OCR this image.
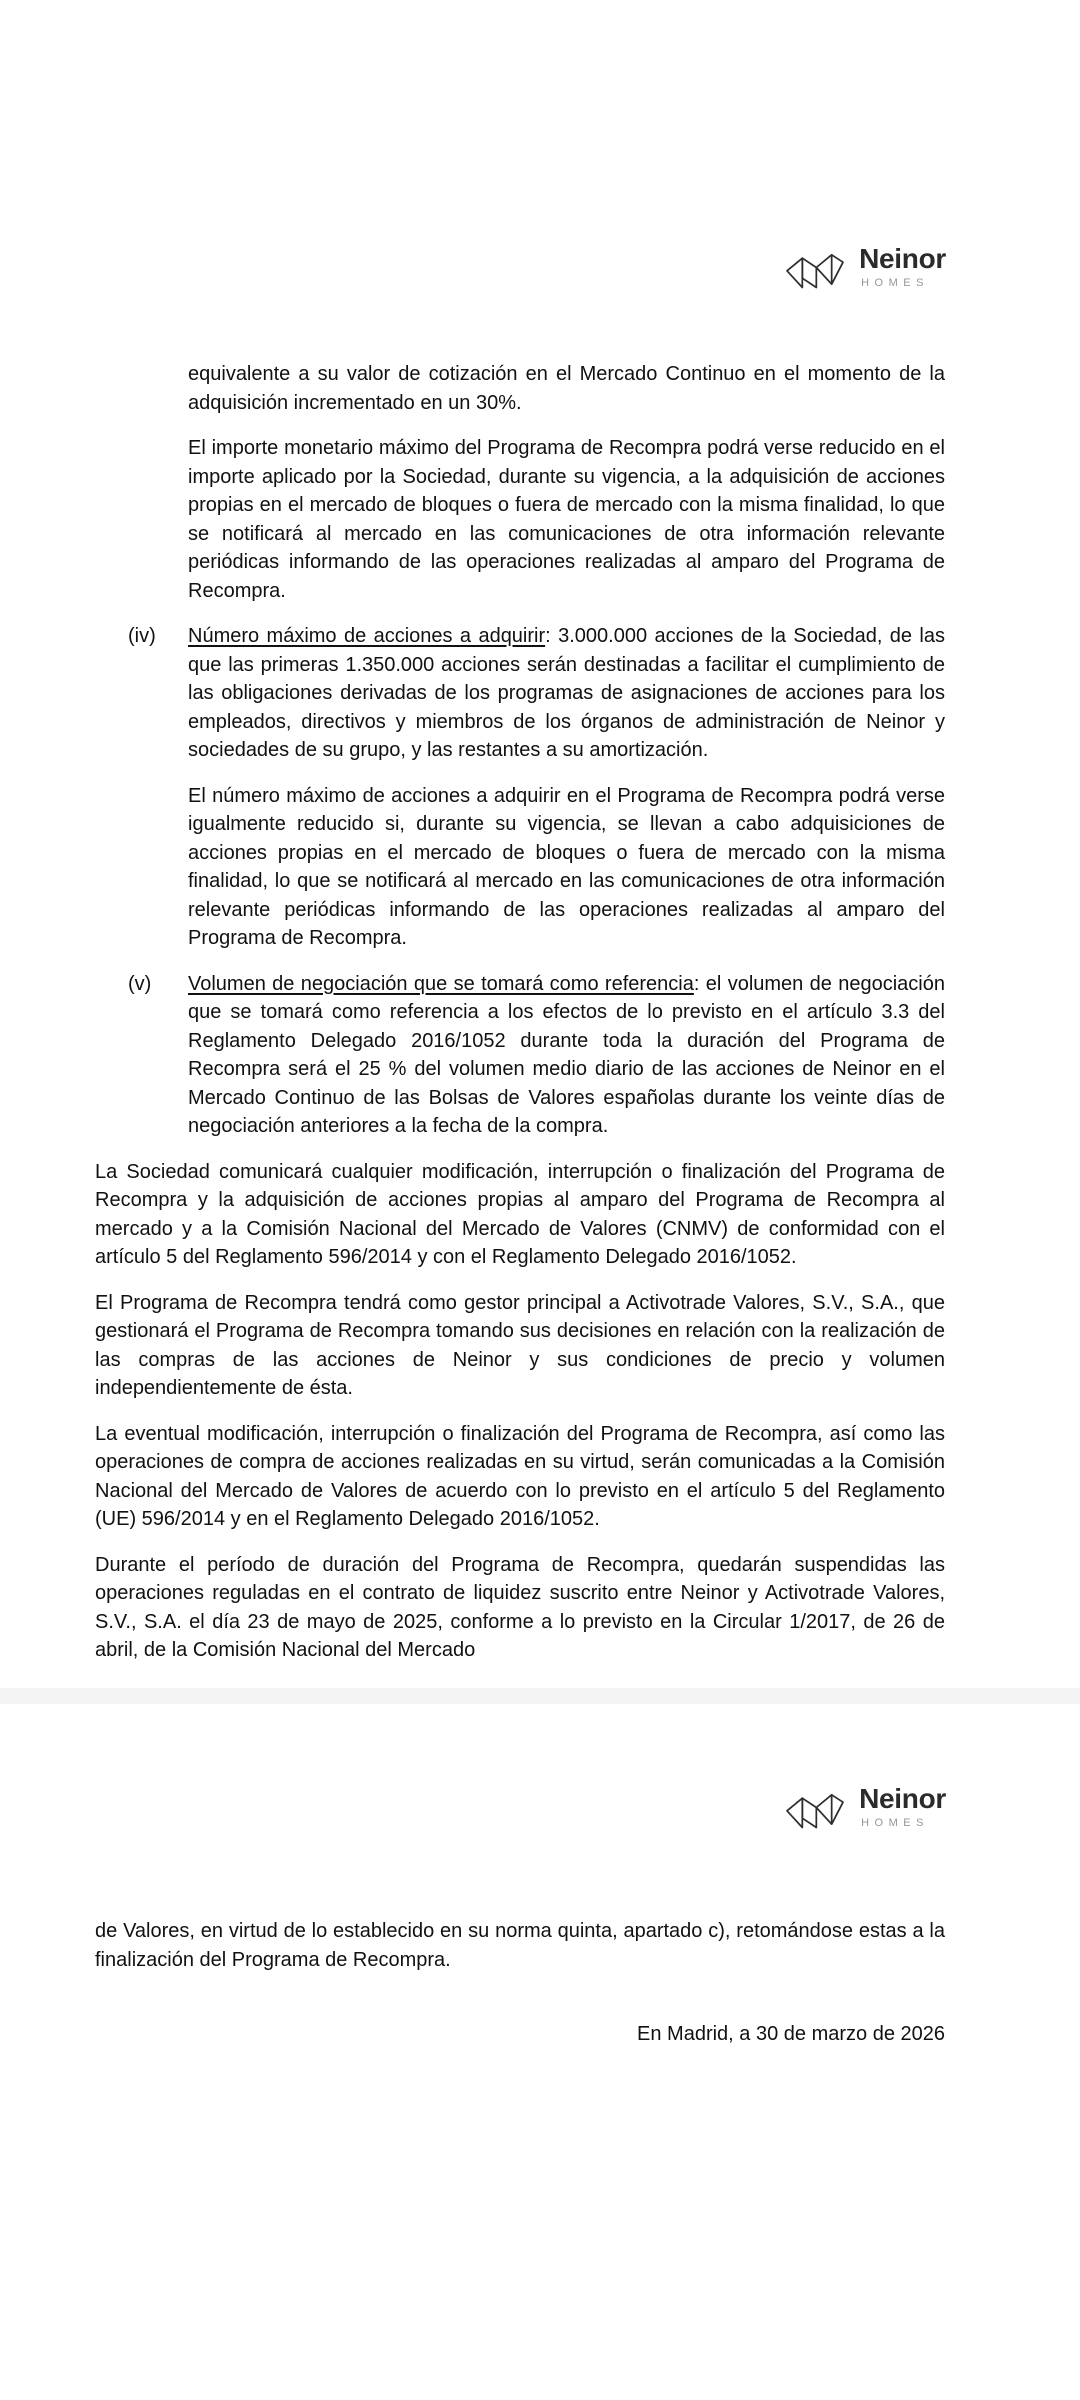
Neinor
HOMES

equivalente a su valor de cotización en el Mercado Continuo en el momento de la adquisición incrementado en un 30%.

El importe monetario máximo del Programa de Recompra podrá verse reducido en el importe aplicado por la Sociedad, durante su vigencia, a la adquisición de acciones propias en el mercado de bloques o fuera de mercado con la misma finalidad, lo que se notificará al mercado en las comunicaciones de otra información relevante periódicas informando de las operaciones realizadas al amparo del Programa de Recompra.

(iv) Número máximo de acciones a adquirir: 3.000.000 acciones de la Sociedad, de las que las primeras 1.350.000 acciones serán destinadas a facilitar el cumplimiento de las obligaciones derivadas de los programas de asignaciones de acciones para los empleados, directivos y miembros de los órganos de administración de Neinor y sociedades de su grupo, y las restantes a su amortización.

El número máximo de acciones a adquirir en el Programa de Recompra podrá verse igualmente reducido si, durante su vigencia, se llevan a cabo adquisiciones de acciones propias en el mercado de bloques o fuera de mercado con la misma finalidad, lo que se notificará al mercado en las comunicaciones de otra información relevante periódicas informando de las operaciones realizadas al amparo del Programa de Recompra.

(v) Volumen de negociación que se tomará como referencia: el volumen de negociación que se tomará como referencia a los efectos de lo previsto en el artículo 3.3 del Reglamento Delegado 2016/1052 durante toda la duración del Programa de Recompra será el 25 % del volumen medio diario de las acciones de Neinor en el Mercado Continuo de las Bolsas de Valores españolas durante los veinte días de negociación anteriores a la fecha de la compra.

La Sociedad comunicará cualquier modificación, interrupción o finalización del Programa de Recompra y la adquisición de acciones propias al amparo del Programa de Recompra al mercado y a la Comisión Nacional del Mercado de Valores (CNMV) de conformidad con el artículo 5 del Reglamento 596/2014 y con el Reglamento Delegado 2016/1052.

El Programa de Recompra tendrá como gestor principal a Activotrade Valores, S.V., S.A., que gestionará el Programa de Recompra tomando sus decisiones en relación con la realización de las compras de las acciones de Neinor y sus condiciones de precio y volumen independientemente de ésta.

La eventual modificación, interrupción o finalización del Programa de Recompra, así como las operaciones de compra de acciones realizadas en su virtud, serán comunicadas a la Comisión Nacional del Mercado de Valores de acuerdo con lo previsto en el artículo 5 del Reglamento (UE) 596/2014 y en el Reglamento Delegado 2016/1052.

Durante el período de duración del Programa de Recompra, quedarán suspendidas las operaciones reguladas en el contrato de liquidez suscrito entre Neinor y Activotrade Valores, S.V., S.A. el día 23 de mayo de 2025, conforme a lo previsto en la Circular 1/2017, de 26 de abril, de la Comisión Nacional del Mercado

Neinor
HOMES

de Valores, en virtud de lo establecido en su norma quinta, apartado c), retomándose estas a la finalización del Programa de Recompra.

En Madrid, a 30 de marzo de 2026
